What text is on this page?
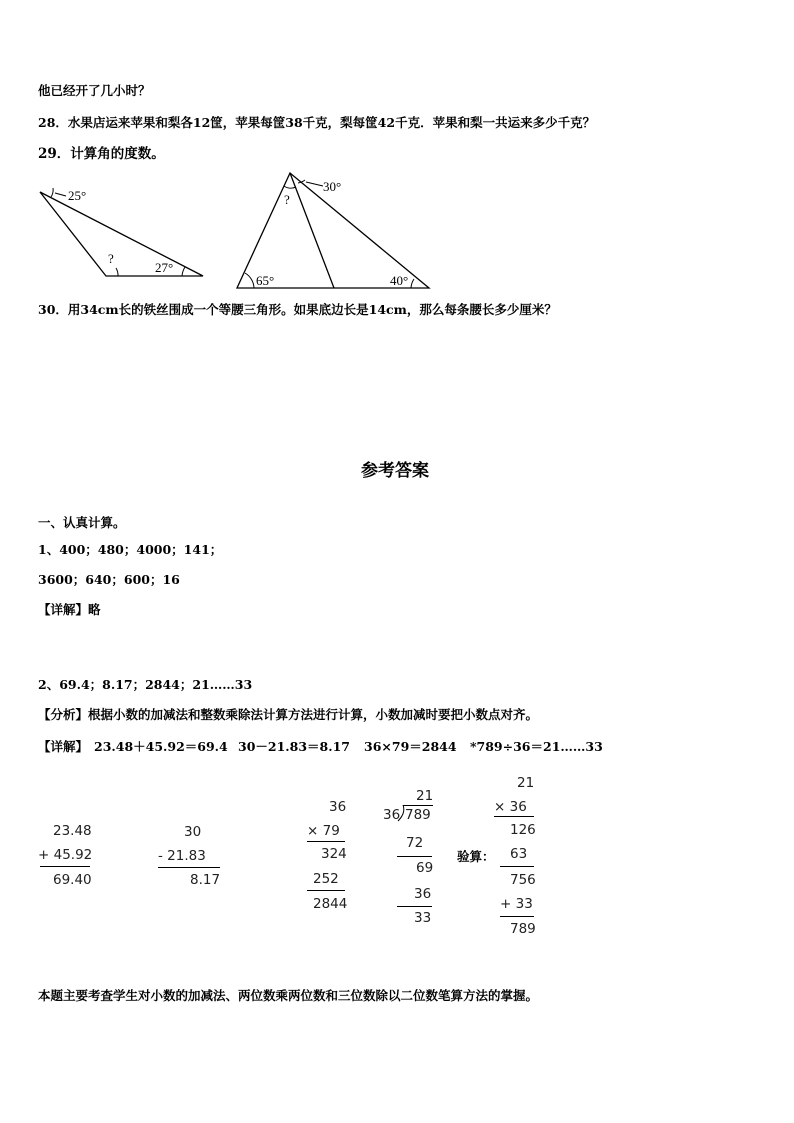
他已经开了几小时？
28．水果店运来苹果和梨各12筐，苹果每筐38千克，梨每筐42千克．苹果和梨一共运来多少千克？
29．计算角的度数。
25°
?
27°
30°
?
65°	40°
30．用34cm长的铁丝围成一个等腰三角形。如果底边长是14cm，那么每条腰长多少厘米？
参考答案
一、认真计算。
1、400；480；4000；141；
3600；640；600；16
【详解】略
2、69.4；8.17；2844；21……33
【分析】根据小数的加减法和整数乘除法计算方法进行计算，小数加减时要把小数点对齐。
【详解】 23.48＋45.92＝69.4 30－21.83＝8.17 36×79＝2844 *789÷36＝21……33
23.48
+ 45.92
69.40
30
- 21.83
8.17
36
× 79
324
252
2844
21
36 789
72
69
36
33
验算：
21
× 36
126
63
756
+ 33
789
本题主要考查学生对小数的加减法、两位数乘两位数和三位数除以二位数笔算方法的掌握。
